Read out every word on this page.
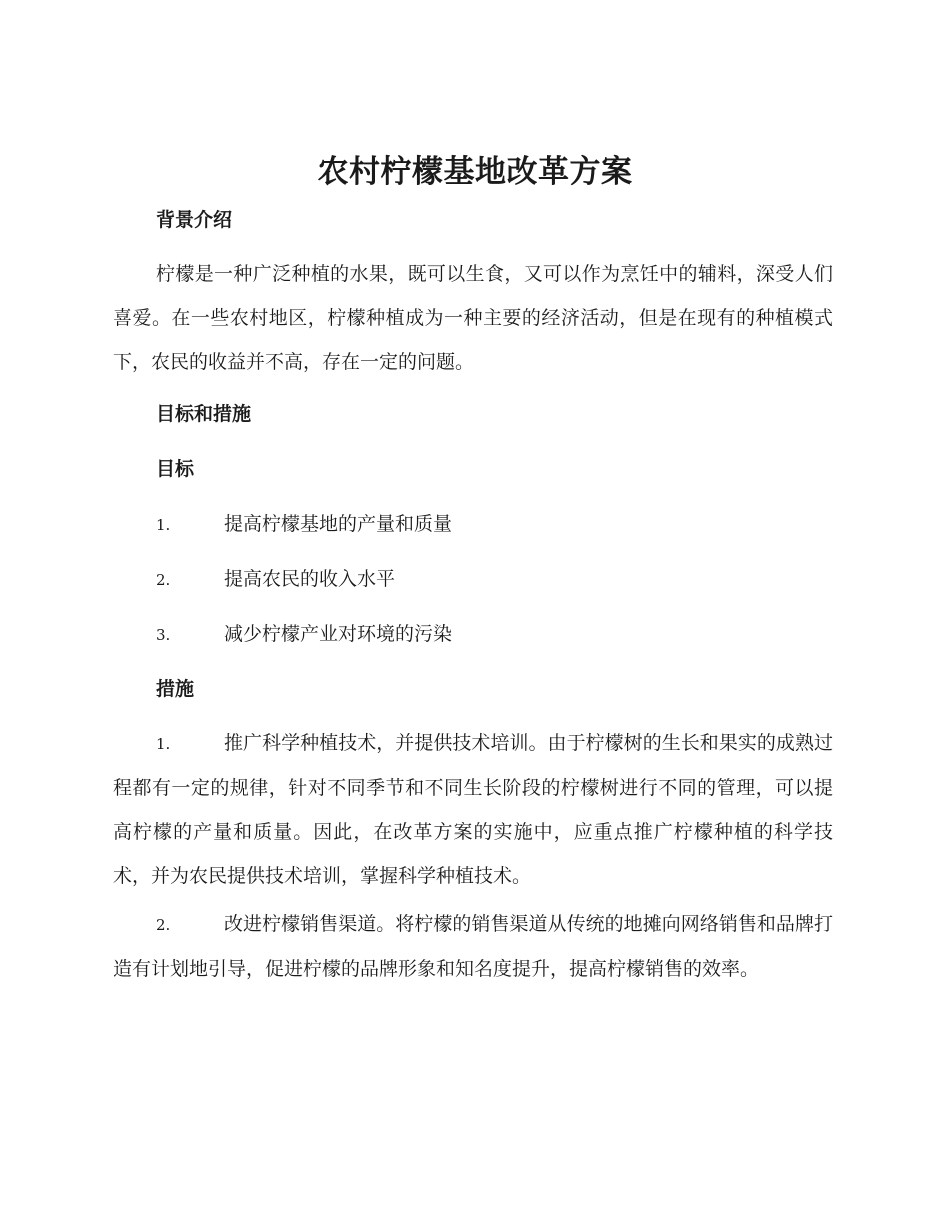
农村柠檬基地改革方案
背景介绍

柠檬是一种广泛种植的水果，既可以生食，又可以作为烹饪中的辅料，深受人们喜爱。在一些农村地区，柠檬种植成为一种主要的经济活动，但是在现有的种植模式下，农民的收益并不高，存在一定的问题。

目标和措施
目标

1.	提高柠檬基地的产量和质量

2.	提高农民的收入水平

3.	减少柠檬产业对环境的污染

措施

1.	推广科学种植技术，并提供技术培训。由于柠檬树的生长和果实的成熟过程都有一定的规律，针对不同季节和不同生长阶段的柠檬树进行不同的管理，可以提高柠檬的产量和质量。因此，在改革方案的实施中，应重点推广柠檬种植的科学技术，并为农民提供技术培训，掌握科学种植技术。

2.	改进柠檬销售渠道。将柠檬的销售渠道从传统的地摊向网络销售和品牌打造有计划地引导，促进柠檬的品牌形象和知名度提升，提高柠檬销售的效率。
